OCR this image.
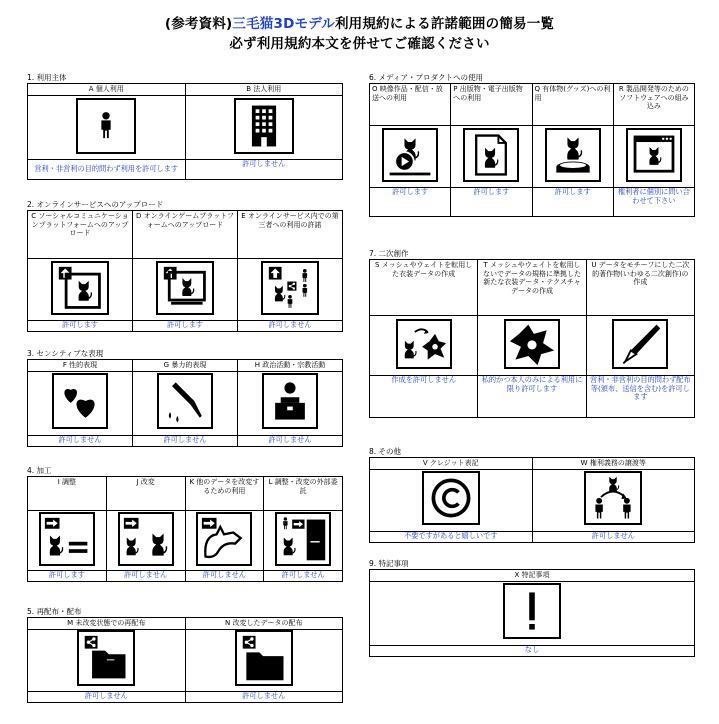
(参考資料)三毛猫3Dモデル利用規約による許諾範囲の簡易一覧
必ず利用規約本文を併せてご確認ください
1. 利用主体
A 個人利用	B 法人利用

営利・非営利の目的問わず利用を許可します	許可しません
2. オンラインサービスへのアップロード
C ソーシャルコミュニケーションプラットフォームへのアップロード	D オンラインゲームプラットフォームへのアップロード	E オンラインサービス内での第三者への利用の許諾

許可します	許可します	許可しません
3. センシティブな表現
F 性的表現	G 暴力的表現	H 政治活動・宗教活動

許可しません	許可しません	許可しません
4. 加工
I 調整	J 改変	K 他のデータを改変するための利用	L 調整・改変の外部委託

許可します	許可しません	許可しません	許可しません
5. 再配布・配布
M 未改変状態での再配布	N 改変したデータの配布

許可しません	許可しません
6. メディア・プロダクトへの使用
O 映像作品・配信・放送への利用	P 出版物・電子出版物への利用	Q 有体物(グッズ)への利用	R 製品開発等のためのソフトウェアへの組み込み

許可します	許可します	許可します	権利者に個別に問い合わせて下さい
7. 二次創作
S メッシュやウェイトを転用した衣装データの作成	T メッシュやウェイトを転用しないでデータの規格に準拠した新たな衣装データ・テクスチャデータの作成	U データをモチーフにした二次的著作物(いわゆる二次創作)の作成

作成を許可しません	私的かつ本人のみによる利用に限り許可します	営利・非営利の目的問わず配布等(頒布、送信を含む)を許可します
8. その他
V クレジット表記	W 権利義務の譲渡等

不要ですがあると嬉しいです	許可しません
9. 特記事項
X 特記事項

なし
